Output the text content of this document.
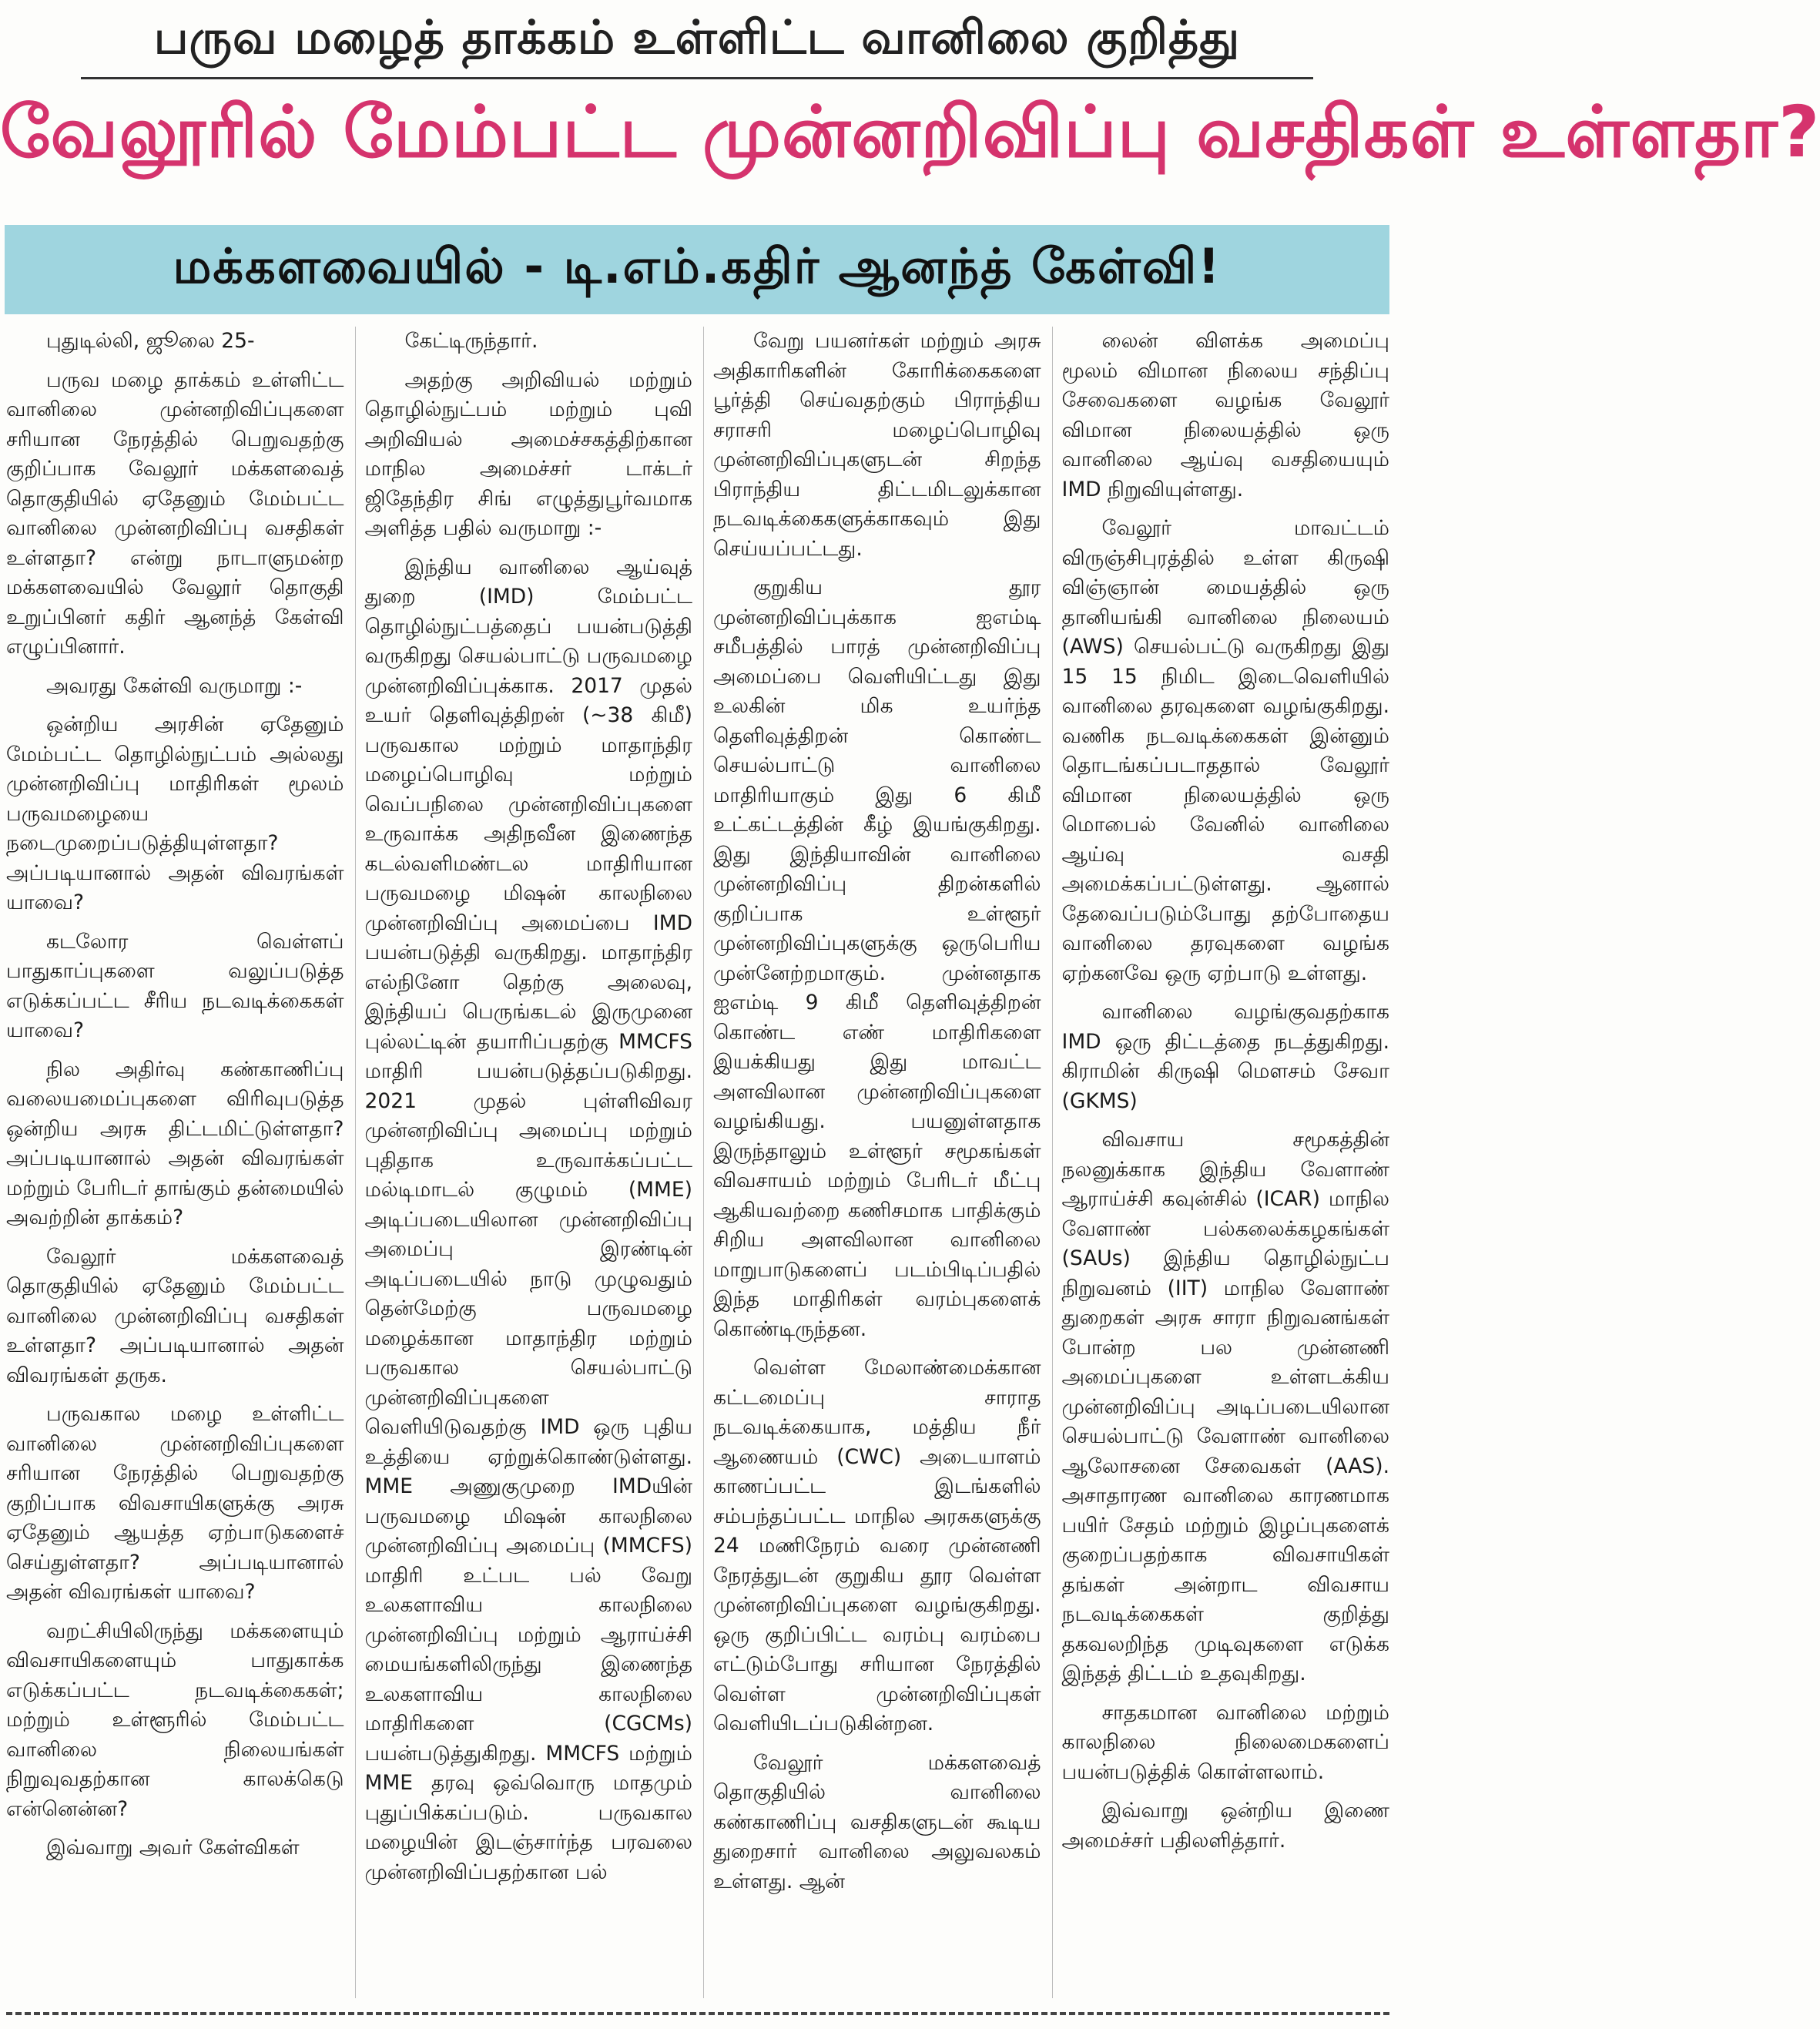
பருவ மழைத் தாக்கம் உள்ளிட்ட வானிலை குறித்து
வேலூரில் மேம்பட்ட முன்னறிவிப்பு வசதிகள் உள்ளதா?
மக்களவையில் - டி.எம்.கதிர் ஆனந்த் கேள்வி!

புதுடில்லி, ஜூலை 25-

பருவ மழை தாக்கம் உள்ளிட்ட வானிலை முன்னறிவிப்புகளை சரியான நேரத்தில் பெறுவதற்கு குறிப்பாக வேலூர் மக்களவைத் தொகுதியில் ஏதேனும் மேம்பட்ட வானிலை முன்னறிவிப்பு வசதிகள் உள்ளதா? என்று நாடாளுமன்ற மக்களவையில் வேலூர் தொகுதி உறுப்பினர் கதிர் ஆனந்த் கேள்வி எழுப்பினார்.

அவரது கேள்வி வருமாறு :-

ஒன்றிய அரசின் ஏதேனும் மேம்பட்ட தொழில்நுட்பம் அல்லது முன்னறிவிப்பு மாதிரிகள் மூலம் பருவமழையை நடைமுறைப்படுத்தியுள்ளதா? அப்படியானால் அதன் விவரங்கள் யாவை?

கடலோர வெள்ளப் பாதுகாப்புகளை வலுப்படுத்த எடுக்கப்பட்ட சீரிய நடவடிக்கைகள் யாவை?

நில அதிர்வு கண்காணிப்பு வலையமைப்புகளை விரிவுபடுத்த ஒன்றிய அரசு திட்டமிட்டுள்ளதா? அப்படியானால் அதன் விவரங்கள் மற்றும் பேரிடர் தாங்கும் தன்மையில் அவற்றின் தாக்கம்?

வேலூர் மக்களவைத் தொகுதியில் ஏதேனும் மேம்பட்ட வானிலை முன்னறிவிப்பு வசதிகள் உள்ளதா? அப்படியானால் அதன் விவரங்கள் தருக.

பருவகால மழை உள்ளிட்ட வானிலை முன்னறிவிப்புகளை சரியான நேரத்தில் பெறுவதற்கு குறிப்பாக விவசாயிகளுக்கு அரசு ஏதேனும் ஆயத்த ஏற்பாடுகளைச் செய்துள்ளதா? அப்படியானால் அதன் விவரங்கள் யாவை?

வறட்சியிலிருந்து மக்களையும் விவசாயிகளையும் பாதுகாக்க எடுக்கப்பட்ட நடவடிக்கைகள்; மற்றும் உள்ளூரில் மேம்பட்ட வானிலை நிலையங்கள் நிறுவுவதற்கான காலக்கெடு என்னென்ன?

இவ்வாறு அவர் கேள்விகள்

கேட்டிருந்தார்.

அதற்கு அறிவியல் மற்றும் தொழில்நுட்பம் மற்றும் புவி அறிவியல் அமைச்சகத்திற்கான மாநில அமைச்சர் டாக்டர் ஜிதேந்திர சிங் எழுத்துபூர்வமாக அளித்த பதில் வருமாறு :-

இந்திய வானிலை ஆய்வுத் துறை (IMD) மேம்பட்ட தொழில்நுட்பத்தைப் பயன்படுத்தி வருகிறது செயல்பாட்டு பருவமழை முன்னறிவிப்புக்காக. 2017 முதல் உயர் தெளிவுத்திறன் (~38 கிமீ) பருவகால மற்றும் மாதாந்திர மழைப்பொழிவு மற்றும் வெப்பநிலை முன்னறிவிப்புகளை உருவாக்க அதிநவீன இணைந்த கடல்வளிமண்டல மாதிரியான பருவமழை மிஷன் காலநிலை முன்னறிவிப்பு அமைப்பை IMD பயன்படுத்தி வருகிறது. மாதாந்திர எல்நினோ தெற்கு அலைவு, இந்தியப் பெருங்கடல் இருமுனை புல்லட்டின் தயாரிப்பதற்கு MMCFS மாதிரி பயன்படுத்தப்படுகிறது. 2021 முதல் புள்ளிவிவர முன்னறிவிப்பு அமைப்பு மற்றும் புதிதாக உருவாக்கப்பட்ட மல்டிமாடல் குழுமம் (MME) அடிப்படையிலான முன்னறிவிப்பு அமைப்பு இரண்டின் அடிப்படையில் நாடு முழுவதும் தென்மேற்கு பருவமழை மழைக்கான மாதாந்திர மற்றும் பருவகால செயல்பாட்டு முன்னறிவிப்புகளை வெளியிடுவதற்கு IMD ஒரு புதிய உத்தியை ஏற்றுக்கொண்டுள்ளது. MME அணுகுமுறை IMDயின் பருவமழை மிஷன் காலநிலை முன்னறிவிப்பு அமைப்பு (MMCFS) மாதிரி உட்பட பல் வேறு உலகளாவிய காலநிலை முன்னறிவிப்பு மற்றும் ஆராய்ச்சி மையங்களிலிருந்து இணைந்த உலகளாவிய காலநிலை மாதிரிகளை (CGCMs) பயன்படுத்துகிறது. MMCFS மற்றும் MME தரவு ஒவ்வொரு மாதமும் புதுப்பிக்கப்படும். பருவகால மழையின் இடஞ்சார்ந்த பரவலை முன்னறிவிப்பதற்கான பல்

வேறு பயனர்கள் மற்றும் அரசு அதிகாரிகளின் கோரிக்கைகளை பூர்த்தி செய்வதற்கும் பிராந்திய சராசரி மழைப்பொழிவு முன்னறிவிப்புகளுடன் சிறந்த பிராந்திய திட்டமிடலுக்கான நடவடிக்கைகளுக்காகவும் இது செய்யப்பட்டது.

குறுகிய தூர முன்னறிவிப்புக்காக ஐஎம்டி சமீபத்தில் பாரத் முன்னறிவிப்பு அமைப்பை வெளியிட்டது இது உலகின் மிக உயர்ந்த தெளிவுத்திறன் கொண்ட செயல்பாட்டு வானிலை மாதிரியாகும் இது 6 கிமீ உட்கட்டத்தின் கீழ் இயங்குகிறது. இது இந்தியாவின் வானிலை முன்னறிவிப்பு திறன்களில் குறிப்பாக உள்ளூர் முன்னறிவிப்புகளுக்கு ஒருபெரிய முன்னேற்றமாகும். முன்னதாக ஐஎம்டி 9 கிமீ தெளிவுத்திறன் கொண்ட எண் மாதிரிகளை இயக்கியது இது மாவட்ட அளவிலான முன்னறிவிப்புகளை வழங்கியது. பயனுள்ளதாக இருந்தாலும் உள்ளூர் சமூகங்கள் விவசாயம் மற்றும் பேரிடர் மீட்பு ஆகியவற்றை கணிசமாக பாதிக்கும் சிறிய அளவிலான வானிலை மாறுபாடுகளைப் படம்பிடிப்பதில் இந்த மாதிரிகள் வரம்புகளைக் கொண்டிருந்தன.

வெள்ள மேலாண்மைக்கான கட்டமைப்பு சாராத நடவடிக்கையாக, மத்திய நீர் ஆணையம் (CWC) அடையாளம் காணப்பட்ட இடங்களில் சம்பந்தப்பட்ட மாநில அரசுகளுக்கு 24 மணிநேரம் வரை முன்னணி நேரத்துடன் குறுகிய தூர வெள்ள முன்னறிவிப்புகளை வழங்குகிறது. ஒரு குறிப்பிட்ட வரம்பு வரம்பை எட்டும்போது சரியான நேரத்தில் வெள்ள முன்னறிவிப்புகள் வெளியிடப்படுகின்றன.

வேலூர் மக்களவைத் தொகுதியில் வானிலை கண்காணிப்பு வசதிகளுடன் கூடிய துறைசார் வானிலை அலுவலகம் உள்ளது. ஆன்

லைன் விளக்க அமைப்பு மூலம் விமான நிலைய சந்திப்பு சேவைகளை வழங்க வேலூர் விமான நிலையத்தில் ஒரு வானிலை ஆய்வு வசதியையும் IMD நிறுவியுள்ளது.

வேலூர் மாவட்டம் விருஞ்சிபுரத்தில் உள்ள கிருஷி விஞ்ஞான் மையத்தில் ஒரு தானியங்கி வானிலை நிலையம் (AWS) செயல்பட்டு வருகிறது இது 15 15 நிமிட இடைவெளியில் வானிலை தரவுகளை வழங்குகிறது. வணிக நடவடிக்கைகள் இன்னும் தொடங்கப்படாததால் வேலூர் விமான நிலையத்தில் ஒரு மொபைல் வேனில் வானிலை ஆய்வு வசதி அமைக்கப்பட்டுள்ளது. ஆனால் தேவைப்படும்போது தற்போதைய வானிலை தரவுகளை வழங்க ஏற்கனவே ஒரு ஏற்பாடு உள்ளது.

வானிலை வழங்குவதற்காக IMD ஒரு திட்டத்தை நடத்துகிறது. கிராமின் கிருஷி மௌசம் சேவா (GKMS)

விவசாய சமூகத்தின் நலனுக்காக இந்திய வேளாண் ஆராய்ச்சி கவுன்சில் (ICAR) மாநில வேளாண் பல்கலைக்கழகங்கள் (SAUs) இந்திய தொழில்நுட்ப நிறுவனம் (IIT) மாநில வேளாண் துறைகள் அரசு சாரா நிறுவனங்கள் போன்ற பல முன்னணி அமைப்புகளை உள்ளடக்கிய முன்னறிவிப்பு அடிப்படையிலான செயல்பாட்டு வேளாண் வானிலை ஆலோசனை சேவைகள் (AAS). அசாதாரண வானிலை காரணமாக பயிர் சேதம் மற்றும் இழப்புகளைக் குறைப்பதற்காக விவசாயிகள் தங்கள் அன்றாட விவசாய நடவடிக்கைகள் குறித்து தகவலறிந்த முடிவுகளை எடுக்க இந்தத் திட்டம் உதவுகிறது.

சாதகமான வானிலை மற்றும் காலநிலை நிலைமைகளைப் பயன்படுத்திக் கொள்ளலாம்.

இவ்வாறு ஒன்றிய இணை அமைச்சர் பதிலளித்தார்.
